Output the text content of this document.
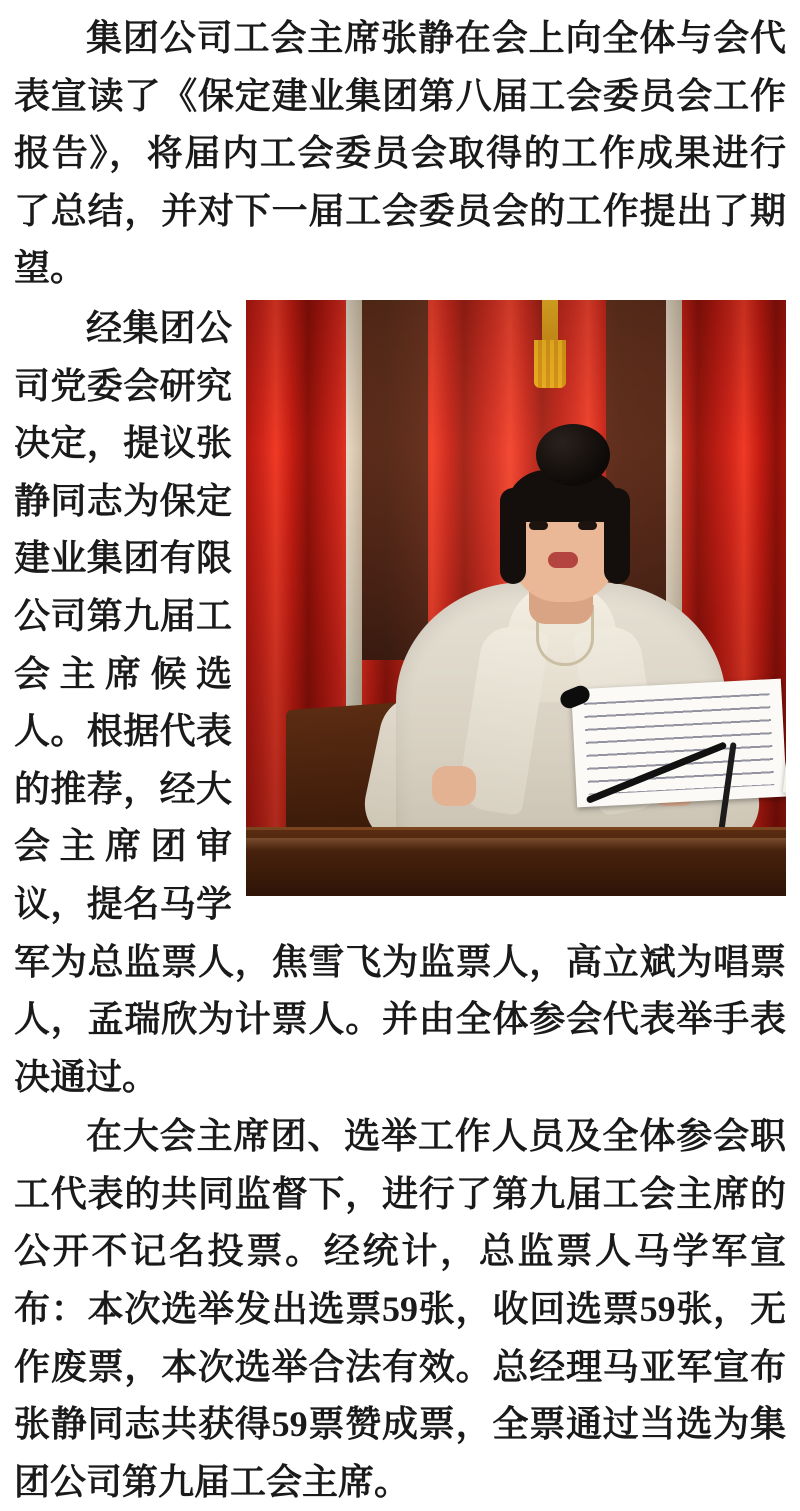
集团公司工会主席张静在会上向全体与会代表宣读了《保定建业集团第八届工会委员会工作报告》，将届内工会委员会取得的工作成果进行了总结，并对下一届工会委员会的工作提出了期望。

经集团公司党委会研究决定，提议张静同志为保定建业集团有限公司第九届工会主席候选人。根据代表的推荐，经大会主席团审议，提名马学军为总监票人，焦雪飞为监票人，高立斌为唱票人，孟瑞欣为计票人。并由全体参会代表举手表决通过。

在大会主席团、选举工作人员及全体参会职工代表的共同监督下，进行了第九届工会主席的公开不记名投票。经统计，总监票人马学军宣布：本次选举发出选票59张，收回选票59张，无作废票，本次选举合法有效。总经理马亚军宣布张静同志共获得59票赞成票，全票通过当选为集团公司第九届工会主席。
